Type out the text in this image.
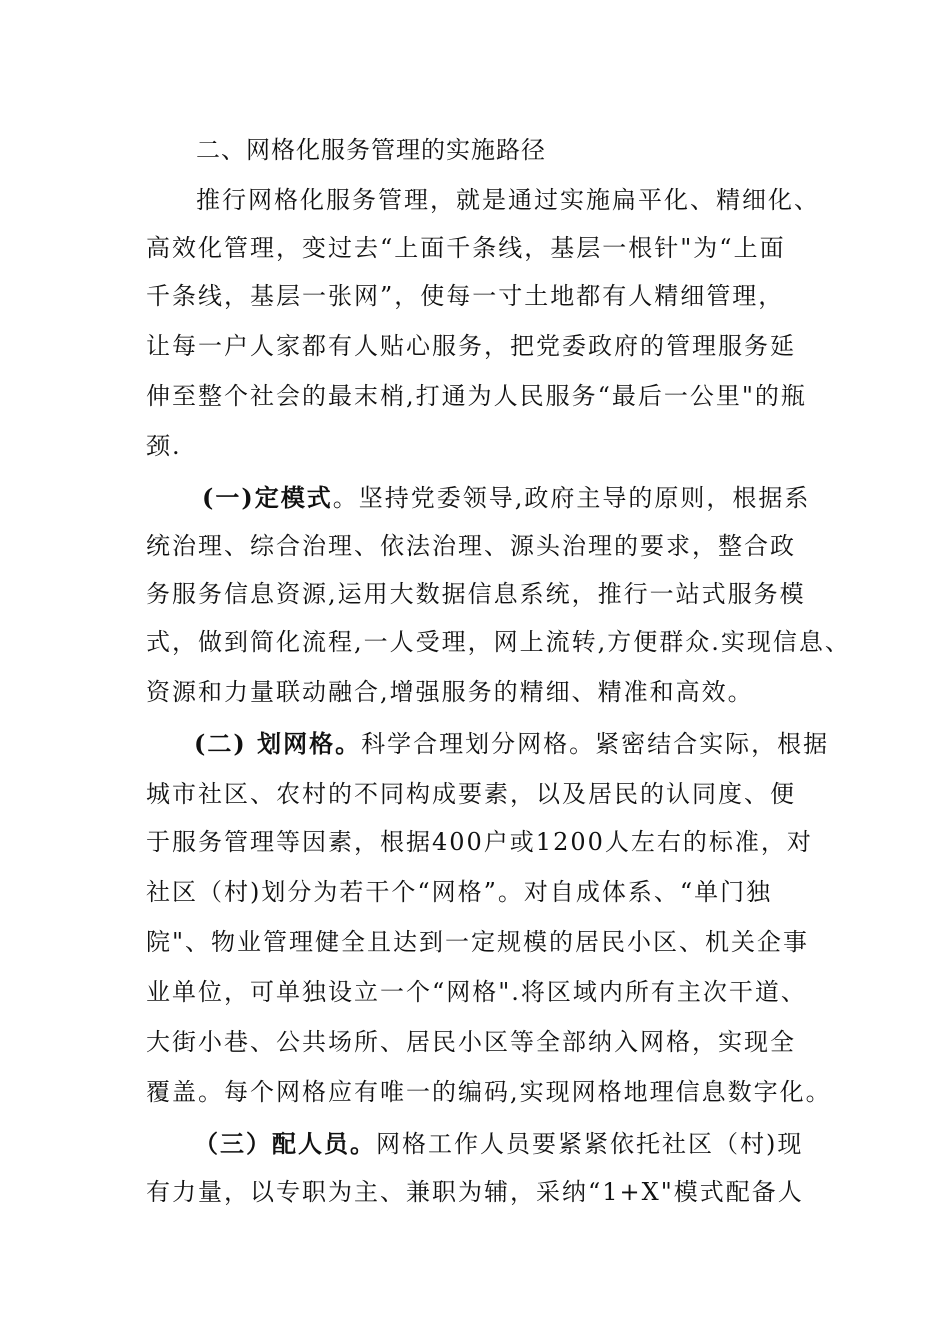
二、网格化服务管理的实施路径
推行网格化服务管理，就是通过实施扁平化、精细化、
高效化管理，变过去“上面千条线，基层一根针"为“上面
千条线，基层一张网”，使每一寸土地都有人精细管理，
让每一户人家都有人贴心服务，把党委政府的管理服务延
伸至整个社会的最末梢,打通为人民服务“最后一公里"的瓶
颈.
(一)定模式。坚持党委领导,政府主导的原则，根据系
统治理、综合治理、依法治理、源头治理的要求，整合政
务服务信息资源,运用大数据信息系统，推行一站式服务模
式，做到简化流程,一人受理，网上流转,方便群众.实现信息、
资源和力量联动融合,增强服务的精细、精准和高效。
(二) 划网格。科学合理划分网格。紧密结合实际，根据
城市社区、农村的不同构成要素，以及居民的认同度、便
于服务管理等因素，根据400户或1200人左右的标准，对
社区（村)划分为若干个“网格”。对自成体系、“单门独
院"、物业管理健全且达到一定规模的居民小区、机关企事
业单位，可单独设立一个“网格".将区域内所有主次干道、
大街小巷、公共场所、居民小区等全部纳入网格，实现全
覆盖。每个网格应有唯一的编码,实现网格地理信息数字化。
（三）配人员。网格工作人员要紧紧依托社区（村)现
有力量，以专职为主、兼职为辅，采纳“1+X"模式配备人
